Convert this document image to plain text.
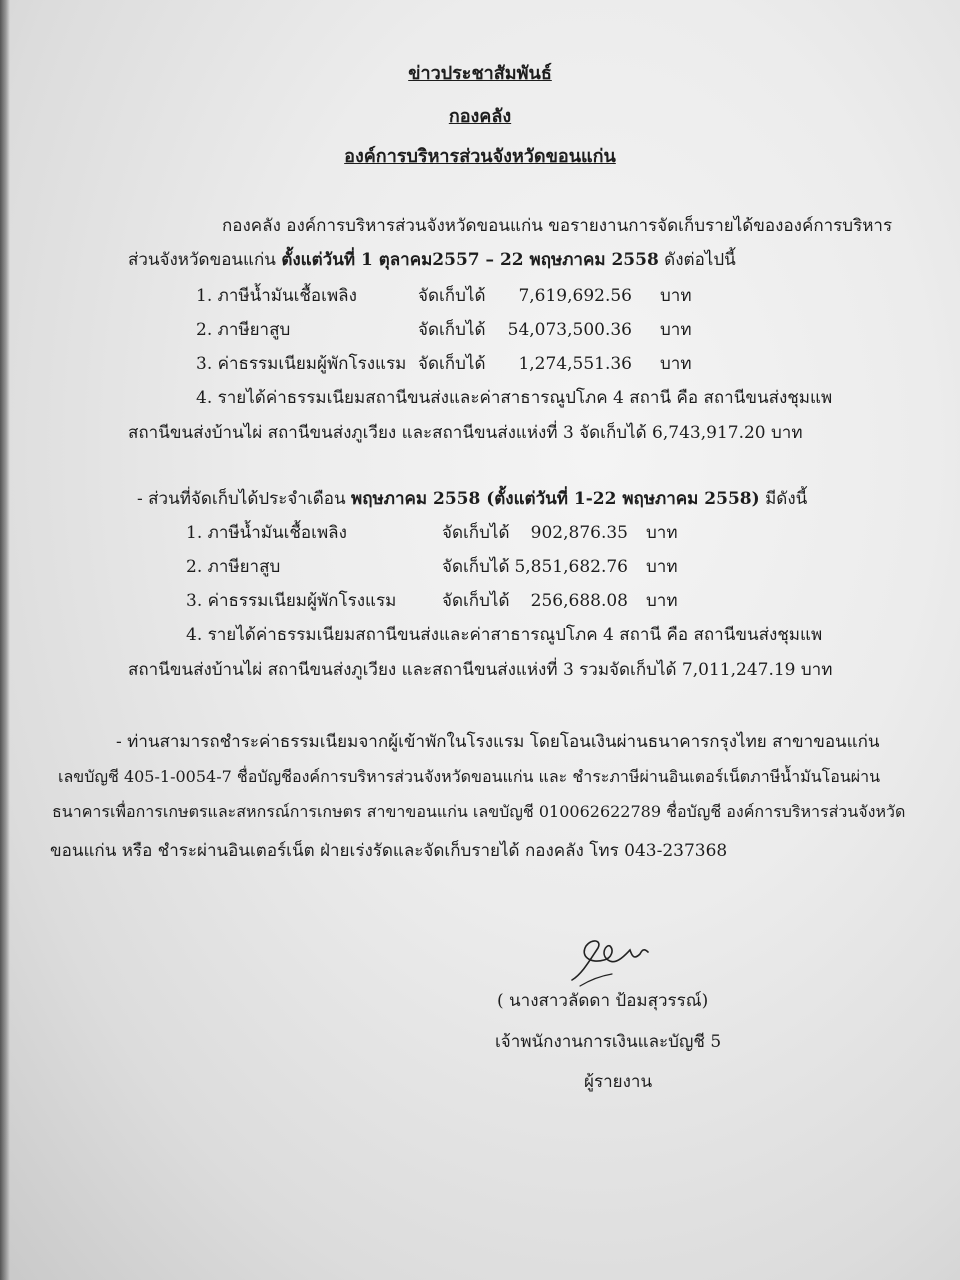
ข่าวประชาสัมพันธ์
กองคลัง
องค์การบริหารส่วนจังหวัดขอนแก่น
กองคลัง องค์การบริหารส่วนจังหวัดขอนแก่น ขอรายงานการจัดเก็บรายได้ขององค์การบริหาร
ส่วนจังหวัดขอนแก่น ตั้งแต่วันที่ 1 ตุลาคม2557 – 22 พฤษภาคม 2558 ดังต่อไปนี้
1. ภาษีน้ำมันเชื้อเพลิง	จัดเก็บได้	7,619,692.56 บาท
2. ภาษียาสูบ	จัดเก็บได้	54,073,500.36 บาท
3. ค่าธรรมเนียมผู้พักโรงแรม จัดเก็บได้	1,274,551.36 บาท
4. รายได้ค่าธรรมเนียมสถานีขนส่งและค่าสาธารณูปโภค 4 สถานี คือ สถานีขนส่งชุมแพ
สถานีขนส่งบ้านไผ่ สถานีขนส่งภูเวียง และสถานีขนส่งแห่งที่ 3 จัดเก็บได้ 6,743,917.20 บาท
- ส่วนที่จัดเก็บได้ประจำเดือน พฤษภาคม 2558 (ตั้งแต่วันที่ 1-22 พฤษภาคม 2558) มีดังนี้
1. ภาษีน้ำมันเชื้อเพลิง	จัดเก็บได้	902,876.35 บาท
2. ภาษียาสูบ	จัดเก็บได้ 5,851,682.76 บาท
3. ค่าธรรมเนียมผู้พักโรงแรม	จัดเก็บได้	256,688.08 บาท
4. รายได้ค่าธรรมเนียมสถานีขนส่งและค่าสาธารณูปโภค 4 สถานี คือ สถานีขนส่งชุมแพ
สถานีขนส่งบ้านไผ่ สถานีขนส่งภูเวียง และสถานีขนส่งแห่งที่ 3 รวมจัดเก็บได้ 7,011,247.19 บาท
- ท่านสามารถชำระค่าธรรมเนียมจากผู้เข้าพักในโรงแรม โดยโอนเงินผ่านธนาคารกรุงไทย สาขาขอนแก่น
เลขบัญชี 405-1-0054-7 ชื่อบัญชีองค์การบริหารส่วนจังหวัดขอนแก่น และ ชำระภาษีผ่านอินเตอร์เน็ตภาษีน้ำมันโอนผ่าน
ธนาคารเพื่อการเกษตรและสหกรณ์การเกษตร สาขาขอนแก่น เลขบัญชี 010062622789 ชื่อบัญชี องค์การบริหารส่วนจังหวัด
ขอนแก่น หรือ ชำระผ่านอินเตอร์เน็ต ฝ่ายเร่งรัดและจัดเก็บรายได้ กองคลัง โทร 043-237368
( นางสาวลัดดา ป้อมสุวรรณ์)
เจ้าพนักงานการเงินและบัญชี 5
ผู้รายงาน
